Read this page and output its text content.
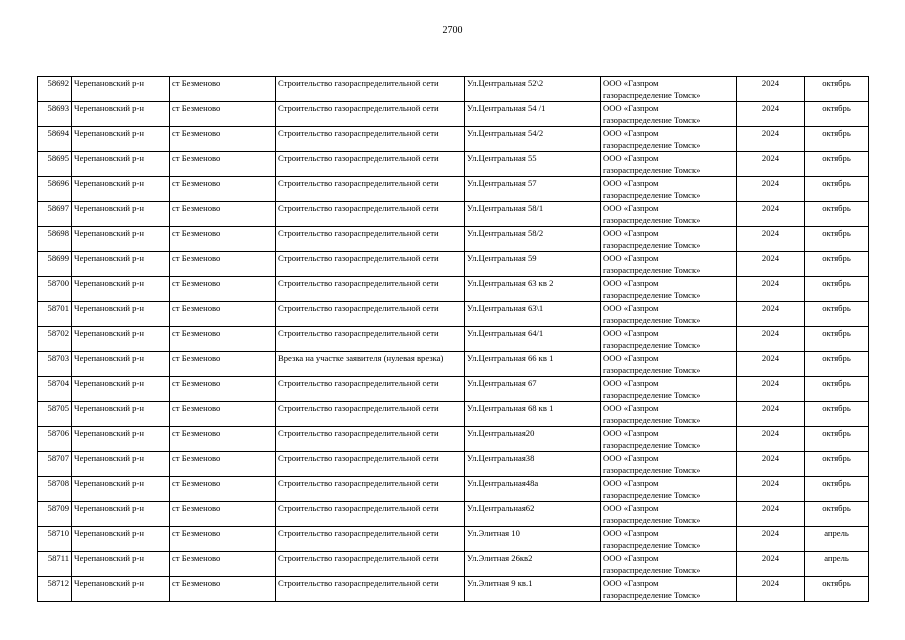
2700
58692	Черепановский р-н	ст Безменово	Строительство газораспределительной сети	Ул.Центральная 52\2	ООО «Газпром
газораспределение Томск»	2024	октябрь
58693	Черепановский р-н	ст Безменово	Строительство газораспределительной сети	Ул.Центральная 54 /1	ООО «Газпром
газораспределение Томск»	2024	октябрь
58694	Черепановский р-н	ст Безменово	Строительство газораспределительной сети	Ул.Центральная 54/2	ООО «Газпром
газораспределение Томск»	2024	октябрь
58695	Черепановский р-н	ст Безменово	Строительство газораспределительной сети	Ул.Центральная 55	ООО «Газпром
газораспределение Томск»	2024	октябрь
58696	Черепановский р-н	ст Безменово	Строительство газораспределительной сети	Ул.Центральная 57	ООО «Газпром
газораспределение Томск»	2024	октябрь
58697	Черепановский р-н	ст Безменово	Строительство газораспределительной сети	Ул.Центральная 58/1	ООО «Газпром
газораспределение Томск»	2024	октябрь
58698	Черепановский р-н	ст Безменово	Строительство газораспределительной сети	Ул.Центральная 58/2	ООО «Газпром
газораспределение Томск»	2024	октябрь
58699	Черепановский р-н	ст Безменово	Строительство газораспределительной сети	Ул.Центральная 59	ООО «Газпром
газораспределение Томск»	2024	октябрь
58700	Черепановский р-н	ст Безменово	Строительство газораспределительной сети	Ул.Центральная 63 кв 2	ООО «Газпром
газораспределение Томск»	2024	октябрь
58701	Черепановский р-н	ст Безменово	Строительство газораспределительной сети	Ул.Центральная 63\1	ООО «Газпром
газораспределение Томск»	2024	октябрь
58702	Черепановский р-н	ст Безменово	Строительство газораспределительной сети	Ул.Центральная 64/1	ООО «Газпром
газораспределение Томск»	2024	октябрь
58703	Черепановский р-н	ст Безменово	Врезка на участке заявителя (нулевая врезка)	Ул.Центральная 66 кв 1	ООО «Газпром
газораспределение Томск»	2024	октябрь
58704	Черепановский р-н	ст Безменово	Строительство газораспределительной сети	Ул.Центральная 67	ООО «Газпром
газораспределение Томск»	2024	октябрь
58705	Черепановский р-н	ст Безменово	Строительство газораспределительной сети	Ул.Центральная 68 кв 1	ООО «Газпром
газораспределение Томск»	2024	октябрь
58706	Черепановский р-н	ст Безменово	Строительство газораспределительной сети	Ул.Центральная20	ООО «Газпром
газораспределение Томск»	2024	октябрь
58707	Черепановский р-н	ст Безменово	Строительство газораспределительной сети	Ул.Центральная38	ООО «Газпром
газораспределение Томск»	2024	октябрь
58708	Черепановский р-н	ст Безменово	Строительство газораспределительной сети	Ул.Центральная48а	ООО «Газпром
газораспределение Томск»	2024	октябрь
58709	Черепановский р-н	ст Безменово	Строительство газораспределительной сети	Ул.Центральная62	ООО «Газпром
газораспределение Томск»	2024	октябрь
58710	Черепановский р-н	ст Безменово	Строительство газораспределительной сети	Ул.Элитная 10	ООО «Газпром
газораспределение Томск»	2024	апрель
58711	Черепановский р-н	ст Безменово	Строительство газораспределительной сети	Ул.Элитная 26кв2	ООО «Газпром
газораспределение Томск»	2024	апрель
58712	Черепановский р-н	ст Безменово	Строительство газораспределительной сети	Ул.Элитная 9 кв.1	ООО «Газпром
газораспределение Томск»	2024	октябрь
